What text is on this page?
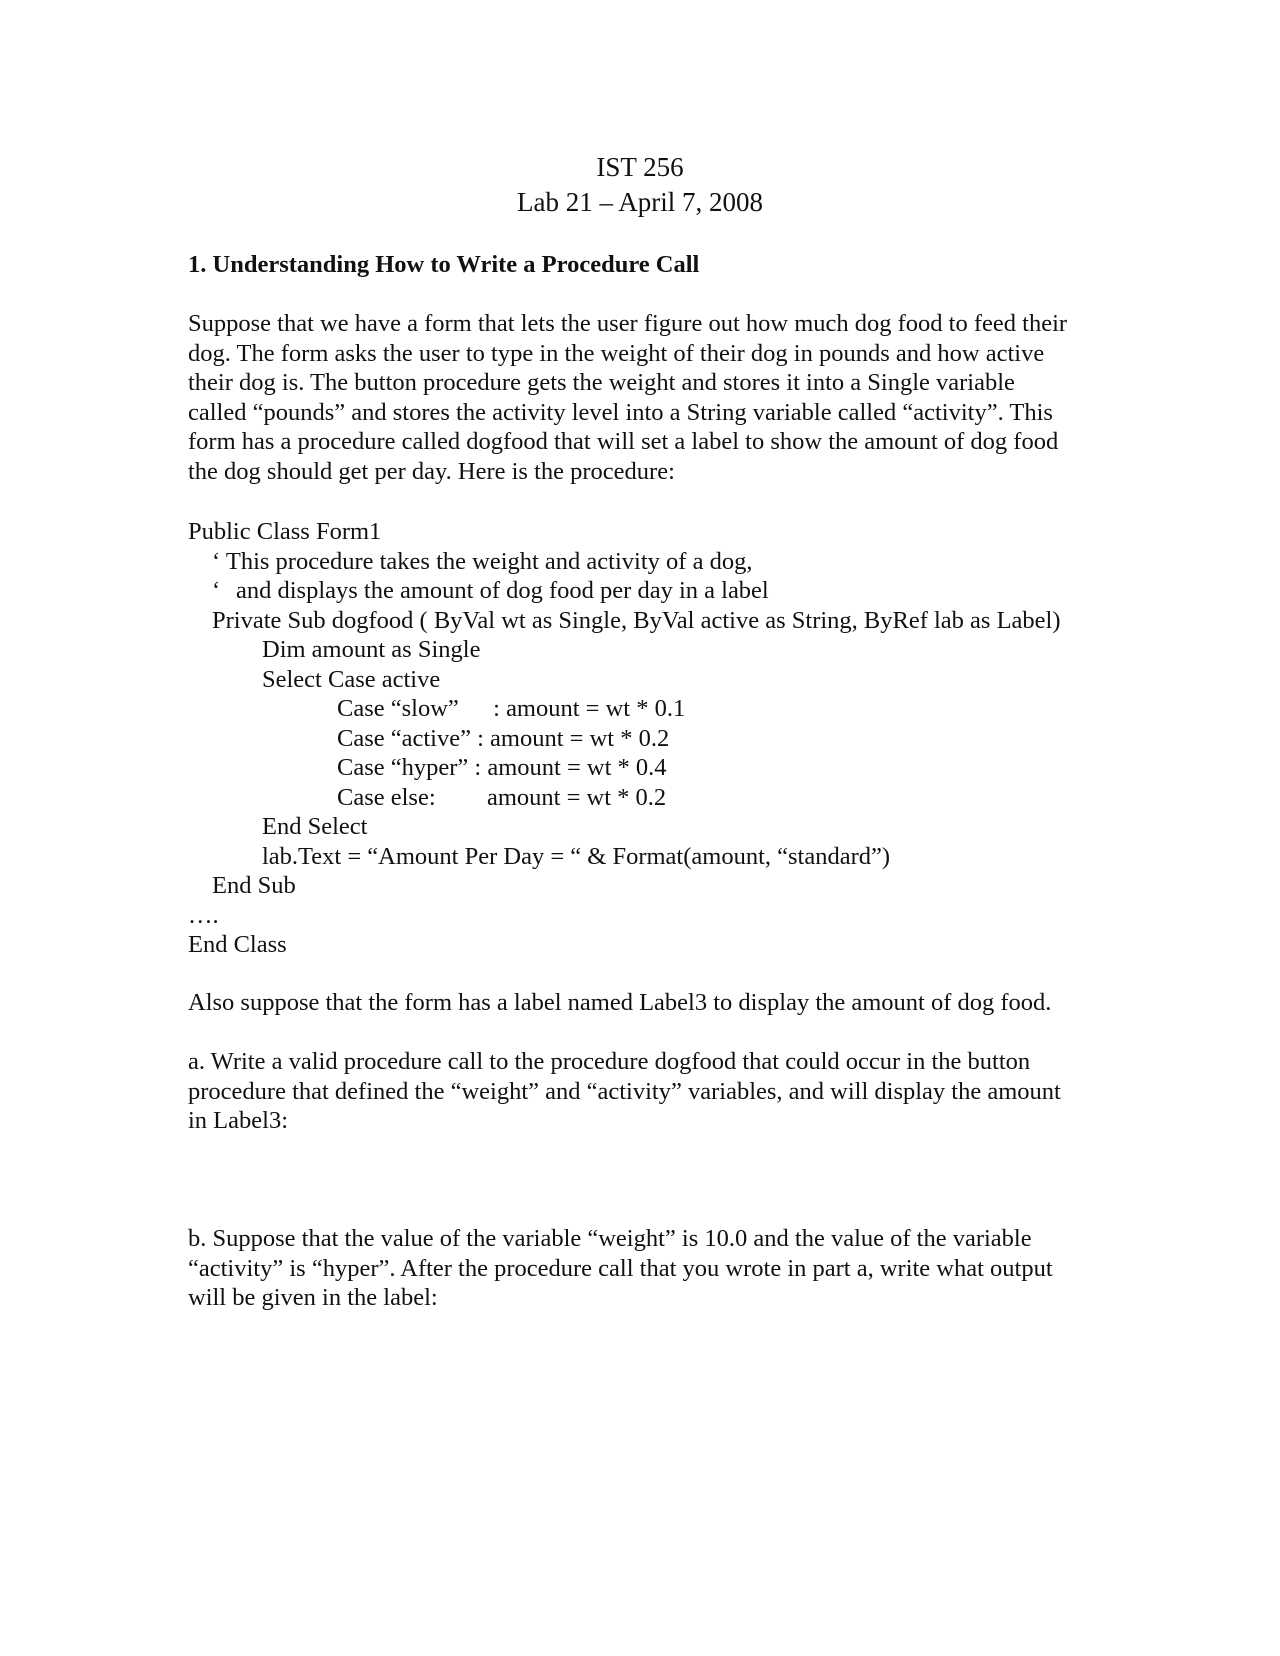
IST 256
Lab 21 – April 7, 2008
1. Understanding How to Write a Procedure Call
Suppose that we have a form that lets the user figure out how much dog food to feed their
dog. The form asks the user to type in the weight of their dog in pounds and how active
their dog is. The button procedure gets the weight and stores it into a Single variable
called “pounds” and stores the activity level into a String variable called “activity”. This
form has a procedure called dogfood that will set a label to show the amount of dog food
the dog should get per day. Here is the procedure:
Public Class Form1
‘ This procedure takes the weight and activity of a dog,
‘ and displays the amount of dog food per day in a label
Private Sub dogfood ( ByVal wt as Single, ByVal active as String, ByRef lab as Label)
Dim amount as Single
Select Case active
Case “slow” : amount = wt * 0.1
Case “active” : amount = wt * 0.2
Case “hyper” : amount = wt * 0.4
Case else: amount = wt * 0.2
End Select
lab.Text = “Amount Per Day = “ & Format(amount, “standard”)
End Sub
….
End Class
Also suppose that the form has a label named Label3 to display the amount of dog food.
a. Write a valid procedure call to the procedure dogfood that could occur in the button
procedure that defined the “weight” and “activity” variables, and will display the amount
in Label3:
b. Suppose that the value of the variable “weight” is 10.0 and the value of the variable
“activity” is “hyper”. After the procedure call that you wrote in part a, write what output
will be given in the label:
